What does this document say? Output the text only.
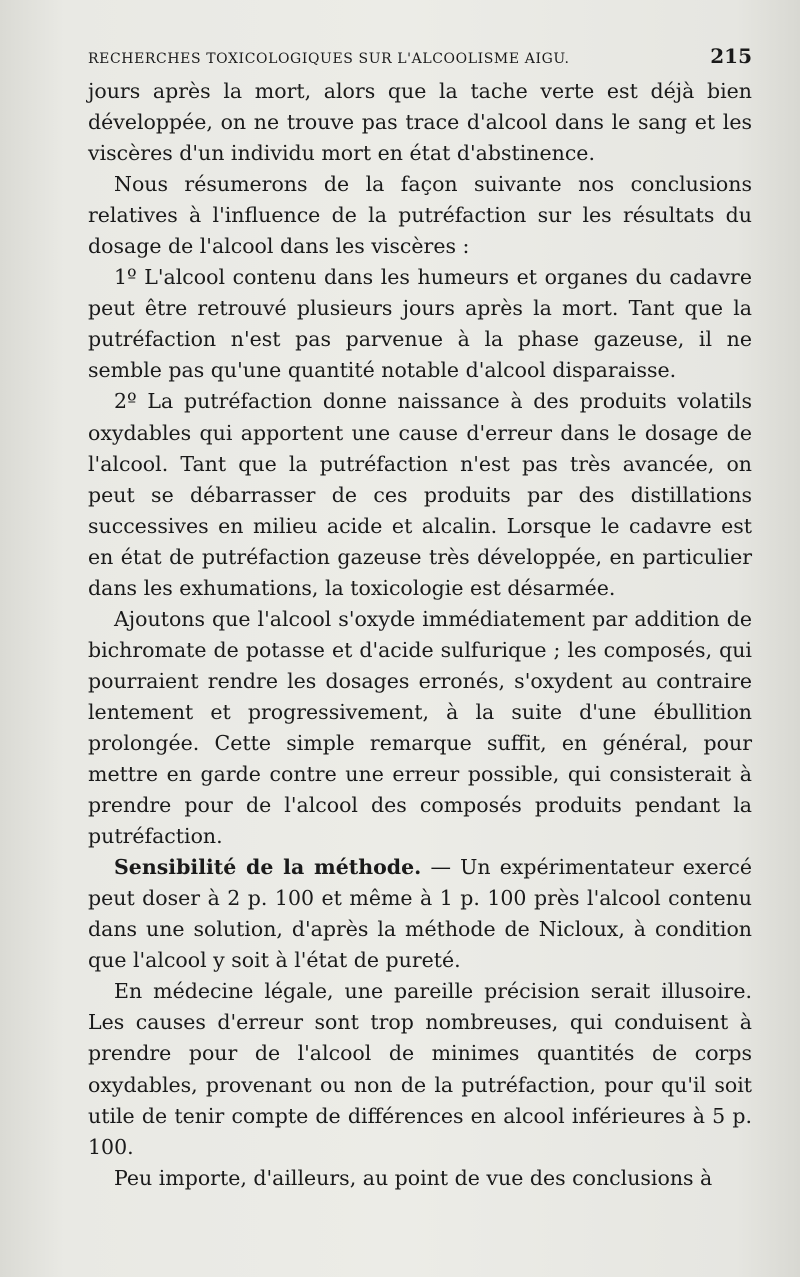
RECHERCHES TOXICOLOGIQUES SUR L'ALCOOLISME AIGU.	215

jours après la mort, alors que la tache verte est déjà bien développée, on ne trouve pas trace d'alcool dans le sang et les viscères d'un individu mort en état d'abstinence.

Nous résumerons de la façon suivante nos conclusions relatives à l'influence de la putréfaction sur les résultats du dosage de l'alcool dans les viscères :

1º L'alcool contenu dans les humeurs et organes du cadavre peut être retrouvé plusieurs jours après la mort. Tant que la putréfaction n'est pas parvenue à la phase gazeuse, il ne semble pas qu'une quantité notable d'alcool disparaisse.

2º La putréfaction donne naissance à des produits volatils oxydables qui apportent une cause d'erreur dans le dosage de l'alcool. Tant que la putréfaction n'est pas très avancée, on peut se débarrasser de ces produits par des distillations successives en milieu acide et alcalin. Lorsque le cadavre est en état de putréfaction gazeuse très développée, en particulier dans les exhumations, la toxicologie est désarmée.

Ajoutons que l'alcool s'oxyde immédiatement par addition de bichromate de potasse et d'acide sulfurique ; les composés, qui pourraient rendre les dosages erronés, s'oxydent au contraire lentement et progressivement, à la suite d'une ébullition prolongée. Cette simple remarque suffit, en général, pour mettre en garde contre une erreur possible, qui consisterait à prendre pour de l'alcool des composés produits pendant la putréfaction.

Sensibilité de la méthode. — Un expérimentateur exercé peut doser à 2 p. 100 et même à 1 p. 100 près l'alcool contenu dans une solution, d'après la méthode de Nicloux, à condition que l'alcool y soit à l'état de pureté.

En médecine légale, une pareille précision serait illusoire. Les causes d'erreur sont trop nombreuses, qui conduisent à prendre pour de l'alcool de minimes quantités de corps oxydables, provenant ou non de la putréfaction, pour qu'il soit utile de tenir compte de différences en alcool inférieures à 5 p. 100.

Peu importe, d'ailleurs, au point de vue des conclusions à
